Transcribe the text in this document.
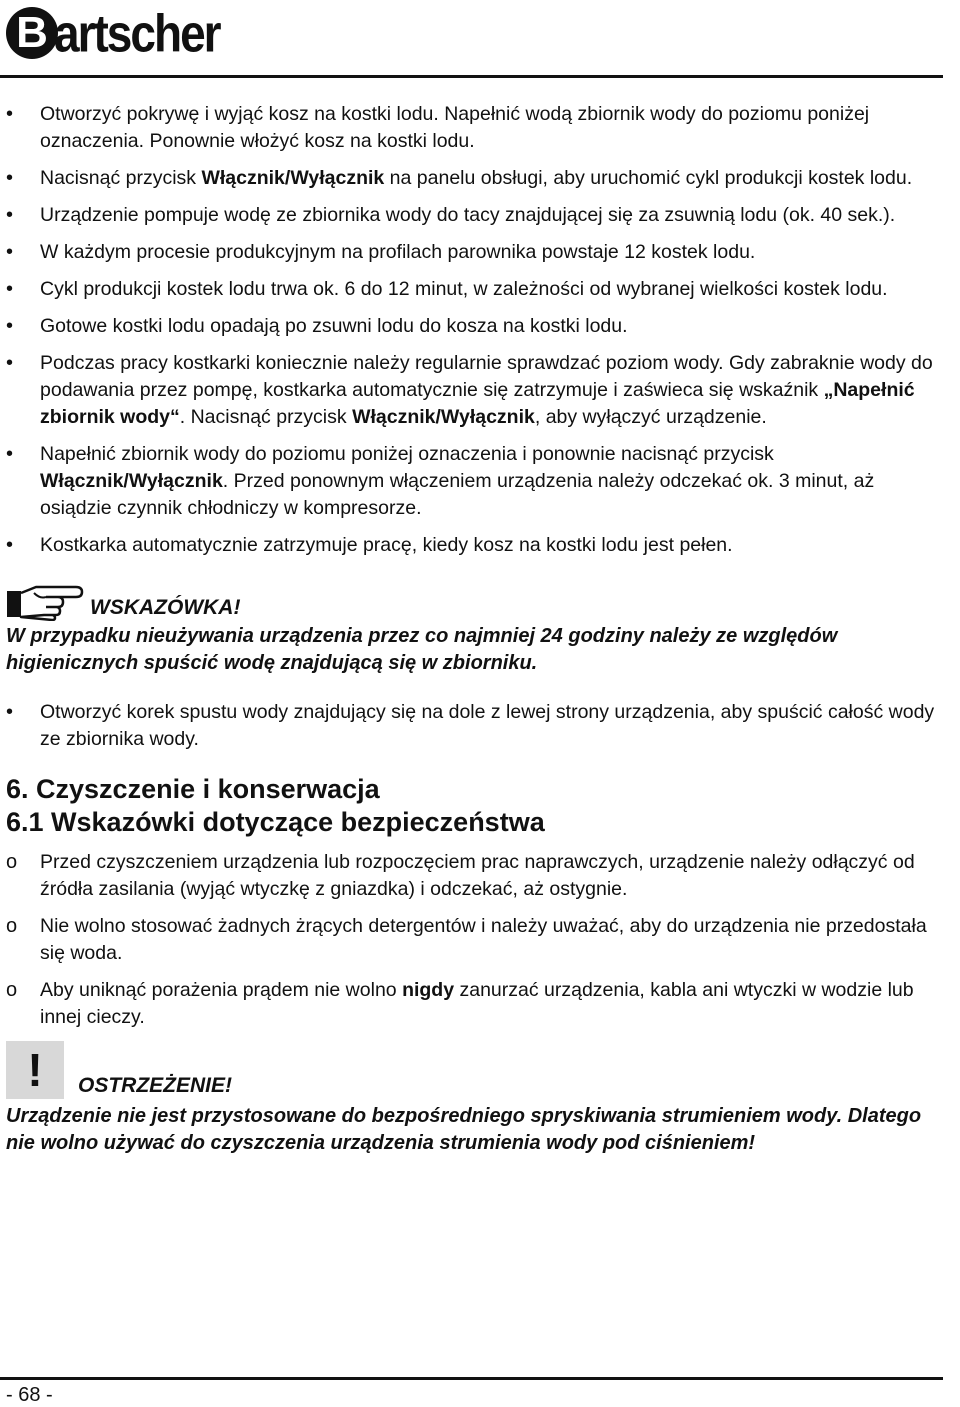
B artscher
• Otworzyć pokrywę i wyjąć kosz na kostki lodu. Napełnić wodą zbiornik wody do poziomu poniżej oznaczenia. Ponownie włożyć kosz na kostki lodu.
• Nacisnąć przycisk Włącznik/Wyłącznik na panelu obsługi, aby uruchomić cykl produkcji kostek lodu.
• Urządzenie pompuje wodę ze zbiornika wody do tacy znajdującej się za zsuwnią lodu (ok. 40 sek.).
• W każdym procesie produkcyjnym na profilach parownika powstaje 12 kostek lodu.
• Cykl produkcji kostek lodu trwa ok. 6 do 12 minut, w zależności od wybranej wielkości kostek lodu.
• Gotowe kostki lodu opadają po zsuwni lodu do kosza na kostki lodu.
• Podczas pracy kostkarki koniecznie należy regularnie sprawdzać poziom wody. Gdy zabraknie wody do podawania przez pompę, kostkarka automatycznie się zatrzymuje i zaświeca się wskaźnik „Napełnić zbiornik wody“. Nacisnąć przycisk Włącznik/Wyłącznik, aby wyłączyć urządzenie.
• Napełnić zbiornik wody do poziomu poniżej oznaczenia i ponownie nacisnąć przycisk Włącznik/Wyłącznik. Przed ponownym włączeniem urządzenia należy odczekać ok. 3 minut, aż osiądzie czynnik chłodniczy w kompresorze.
• Kostkarka automatycznie zatrzymuje pracę, kiedy kosz na kostki lodu jest pełen.
WSKAZÓWKA!
W przypadku nieużywania urządzenia przez co najmniej 24 godziny należy ze względów higienicznych spuścić wodę znajdującą się w zbiorniku.
• Otworzyć korek spustu wody znajdujący się na dole z lewej strony urządzenia, aby spuścić całość wody ze zbiornika wody.
6. Czyszczenie i konserwacja
6.1 Wskazówki dotyczące bezpieczeństwa
o Przed czyszczeniem urządzenia lub rozpoczęciem prac naprawczych, urządzenie należy odłączyć od źródła zasilania (wyjąć wtyczkę z gniazdka) i odczekać, aż ostygnie.
o Nie wolno stosować żadnych żrących detergentów i należy uważać, aby do urządzenia nie przedostała się woda.
o Aby uniknąć porażenia prądem nie wolno nigdy zanurzać urządzenia, kabla ani wtyczki w wodzie lub innej cieczy.
!	OSTRZEŻENIE!
Urządzenie nie jest przystosowane do bezpośredniego spryskiwania strumieniem wody. Dlatego nie wolno używać do czyszczenia urządzenia strumienia wody pod ciśnieniem!
- 68 -
